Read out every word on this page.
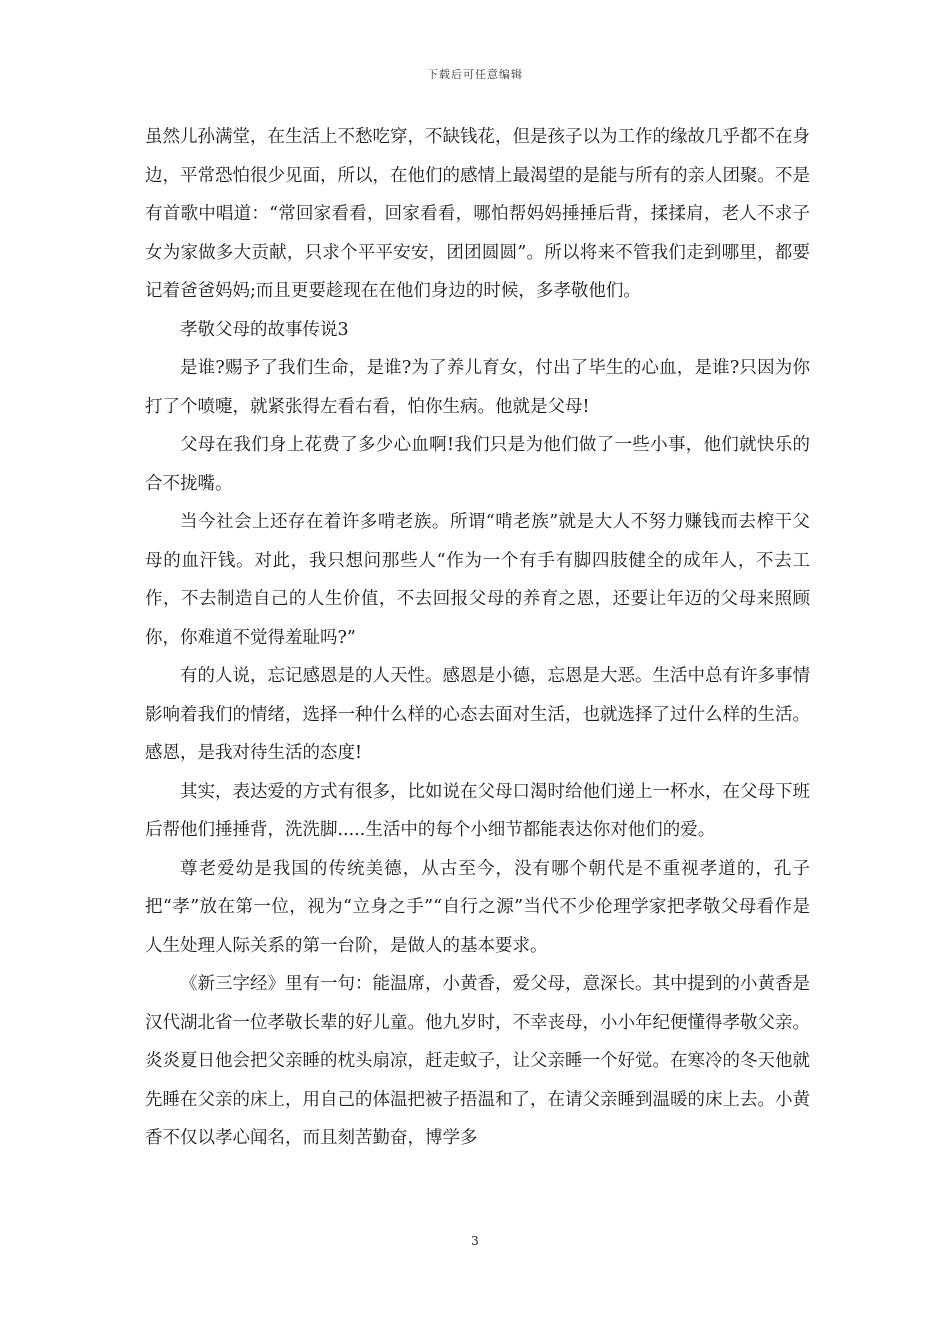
下载后可任意编辑

虽然儿孙满堂，在生活上不愁吃穿，不缺钱花，但是孩子以为工作的缘故几乎都不在身边，平常恐怕很少见面，所以，在他们的感情上最渴望的是能与所有的亲人团聚。不是有首歌中唱道：“常回家看看，回家看看，哪怕帮妈妈捶捶后背，揉揉肩，老人不求子女为家做多大贡献，只求个平平安安，团团圆圆”。所以将来不管我们走到哪里，都要记着爸爸妈妈;而且更要趁现在在他们身边的时候，多孝敬他们。

孝敬父母的故事传说3

是谁?赐予了我们生命，是谁?为了养儿育女，付出了毕生的心血，是谁?只因为你打了个喷嚏，就紧张得左看右看，怕你生病。他就是父母!

父母在我们身上花费了多少心血啊!我们只是为他们做了一些小事，他们就快乐的合不拢嘴。

当今社会上还存在着许多啃老族。所谓“啃老族”就是大人不努力赚钱而去榨干父母的血汗钱。对此，我只想问那些人“作为一个有手有脚四肢健全的成年人，不去工作，不去制造自己的人生价值，不去回报父母的养育之恩，还要让年迈的父母来照顾你，你难道不觉得羞耻吗?”

有的人说，忘记感恩是的人天性。感恩是小德，忘恩是大恶。生活中总有许多事情影响着我们的情绪，选择一种什么样的心态去面对生活，也就选择了过什么样的生活。感恩，是我对待生活的态度!

其实，表达爱的方式有很多，比如说在父母口渴时给他们递上一杯水，在父母下班后帮他们捶捶背，洗洗脚.....生活中的每个小细节都能表达你对他们的爱。

尊老爱幼是我国的传统美德，从古至今，没有哪个朝代是不重视孝道的，孔子把“孝”放在第一位，视为“立身之手”“自行之源”当代不少伦理学家把孝敬父母看作是人生处理人际关系的第一台阶，是做人的基本要求。

《新三字经》里有一句：能温席，小黄香，爱父母，意深长。其中提到的小黄香是汉代湖北省一位孝敬长辈的好儿童。他九岁时，不幸丧母，小小年纪便懂得孝敬父亲。炎炎夏日他会把父亲睡的枕头扇凉，赶走蚊子，让父亲睡一个好觉。在寒冷的冬天他就先睡在父亲的床上，用自己的体温把被子捂温和了，在请父亲睡到温暖的床上去。小黄香不仅以孝心闻名，而且刻苦勤奋，博学多

3
